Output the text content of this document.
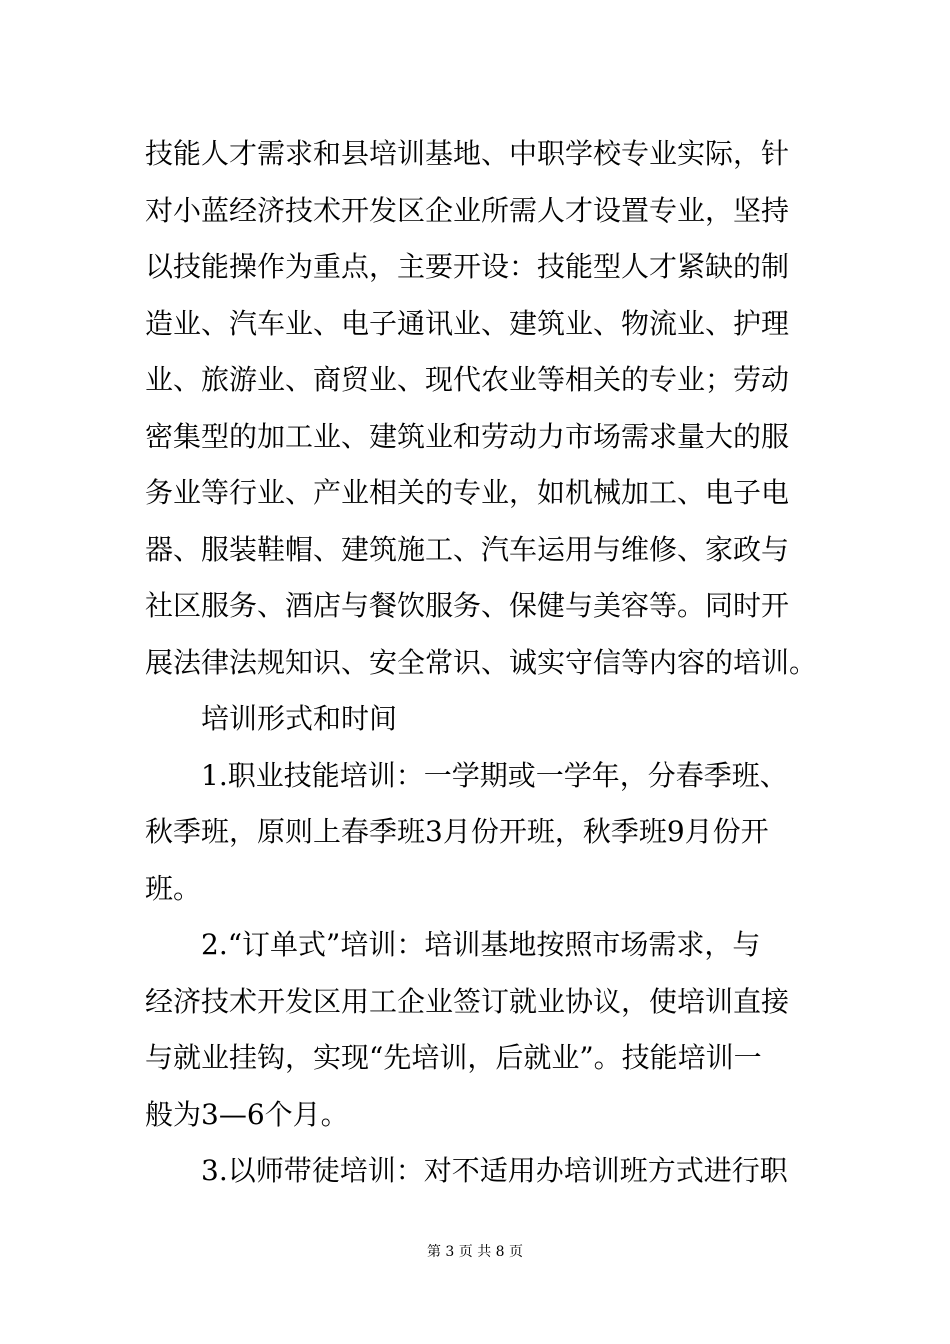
技能人才需求和县培训基地、中职学校专业实际，针
对小蓝经济技术开发区企业所需人才设置专业，坚持
以技能操作为重点，主要开设：技能型人才紧缺的制
造业、汽车业、电子通讯业、建筑业、物流业、护理
业、旅游业、商贸业、现代农业等相关的专业；劳动
密集型的加工业、建筑业和劳动力市场需求量大的服
务业等行业、产业相关的专业，如机械加工、电子电
器、服装鞋帽、建筑施工、汽车运用与维修、家政与
社区服务、酒店与餐饮服务、保健与美容等。同时开
展法律法规知识、安全常识、诚实守信等内容的培训。
培训形式和时间
1.职业技能培训：一学期或一学年，分春季班、
秋季班，原则上春季班3月份开班，秋季班9月份开
班。
2.“订单式”培训：培训基地按照市场需求，与
经济技术开发区用工企业签订就业协议，使培训直接
与就业挂钩，实现“先培训，后就业”。技能培训一
般为3—6个月。
3.以师带徒培训：对不适用办培训班方式进行职
第 3 页 共 8 页
